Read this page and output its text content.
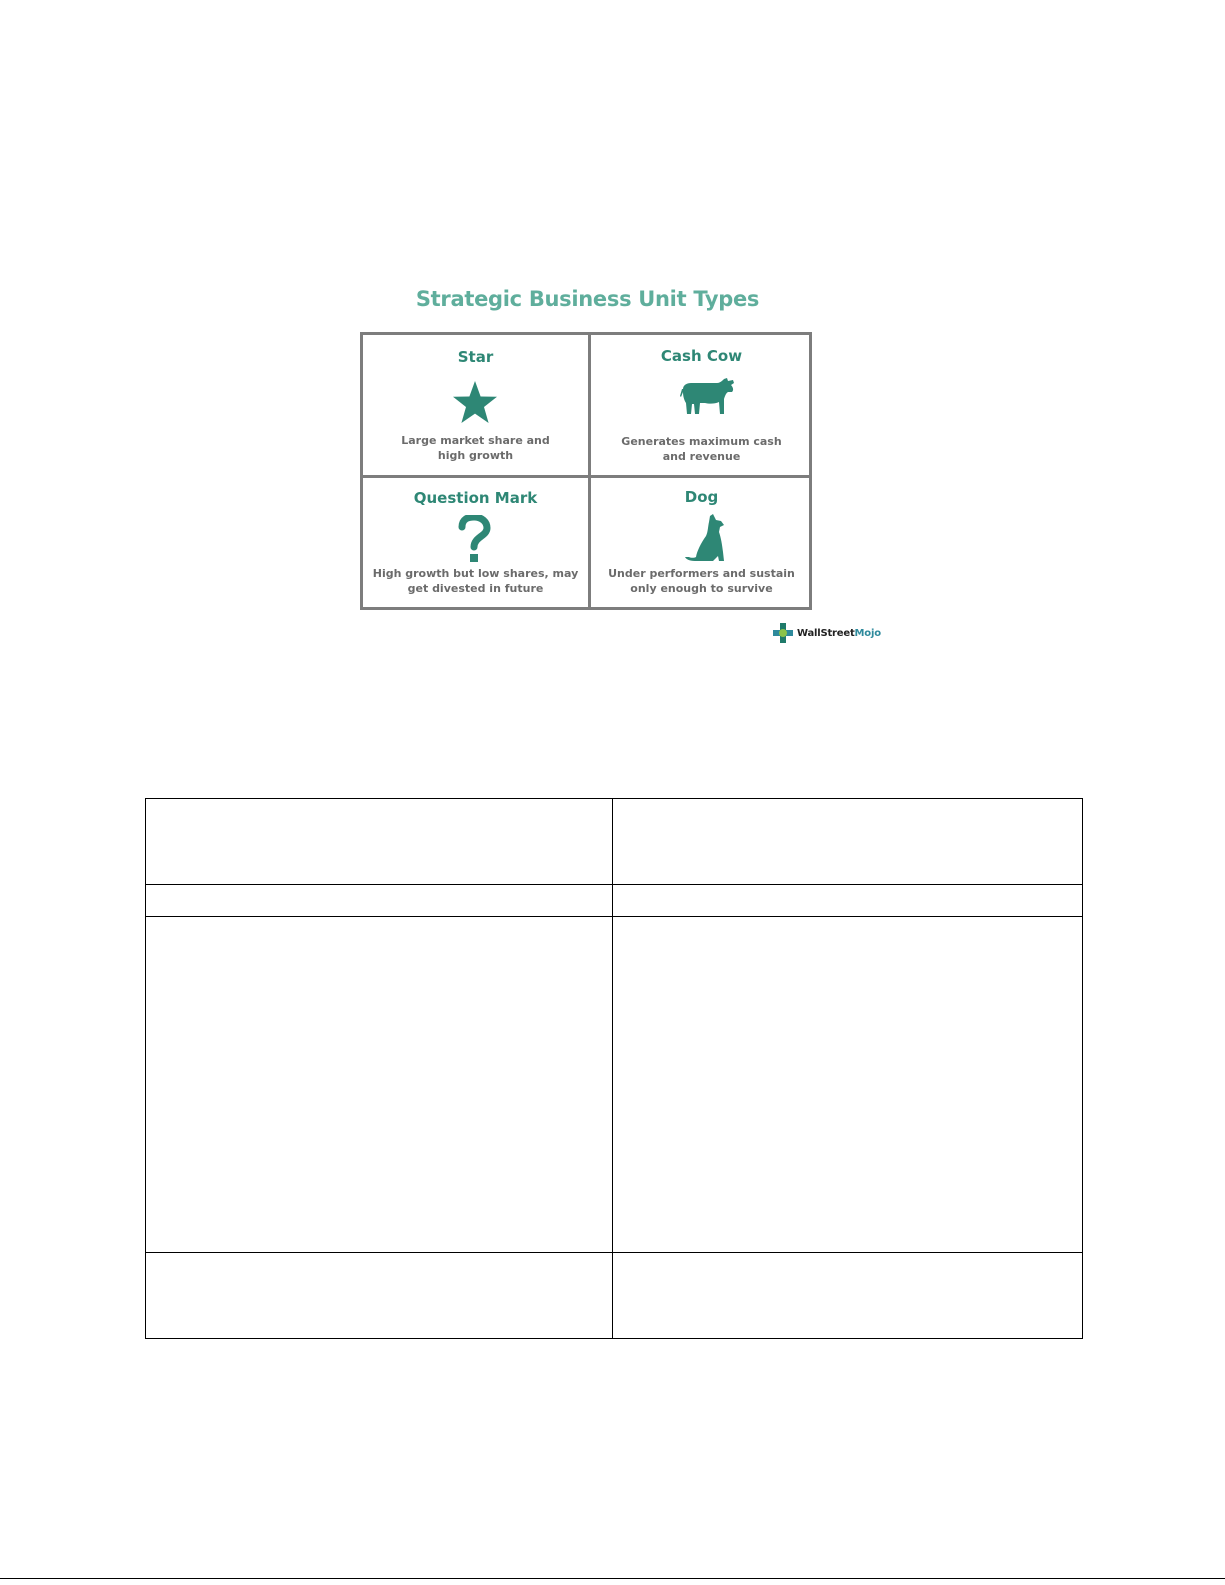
Strategic Business Unit Types
Star
Large market share and high growth
Cash Cow
Generates maximum cash and revenue
Question Mark
High growth but low shares, may get divested in future
Dog
Under performers and sustain only enough to survive
WallStreet Mojo
